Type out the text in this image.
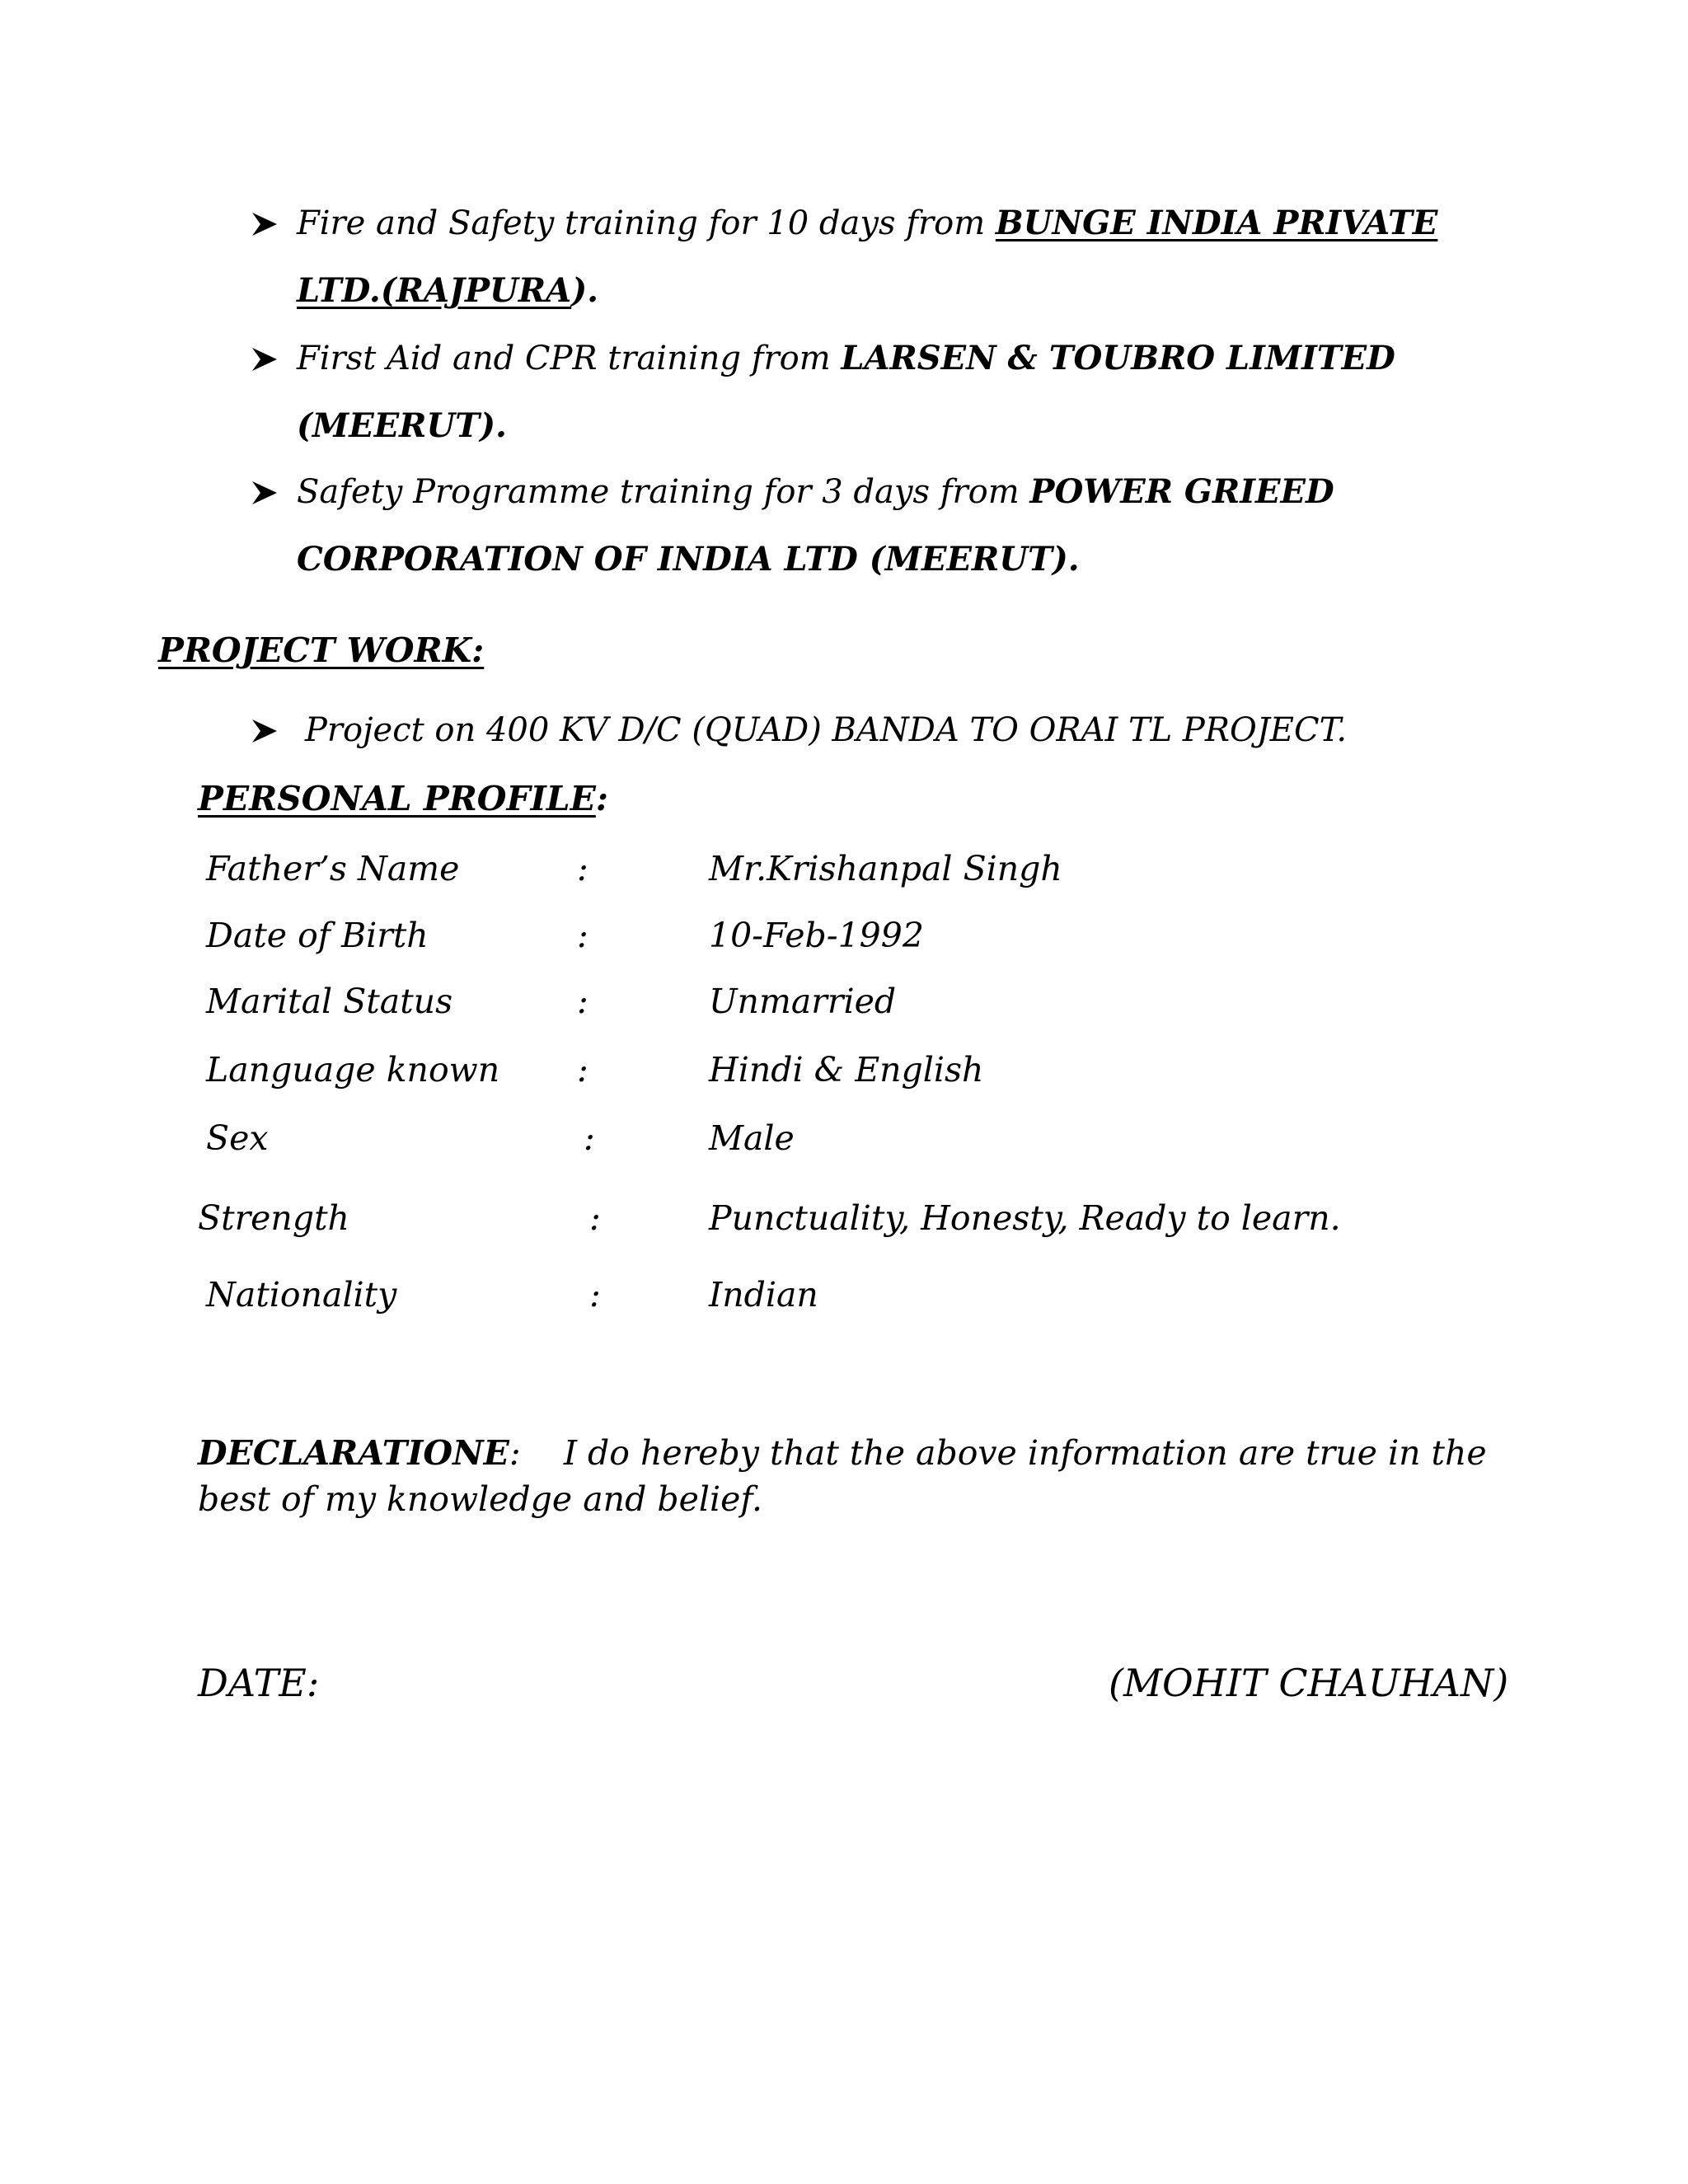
Fire and Safety training for 10 days from BUNGE INDIA PRIVATE
LTD.(RAJPURA).
First Aid and CPR training from LARSEN & TOUBRO LIMITED
(MEERUT).
Safety Programme training for 3 days from POWER GRIEED
CORPORATION OF INDIA LTD (MEERUT).
PROJECT WORK:
Project on 400 KV D/C (QUAD) BANDA TO ORAI TL PROJECT.
PERSONAL PROFILE:
Father’s Name	:	Mr.Krishanpal Singh
Date of Birth	:	10-Feb-1992
Marital Status	:	Unmarried
Language known :	Hindi & English
Sex	:	Male
Strength	:	Punctuality, Honesty, Ready to learn.
Nationality	:	Indian
DECLARATIONE: I do hereby that the above information are true in the best of my knowledge and belief.
DATE:	(MOHIT CHAUHAN)
